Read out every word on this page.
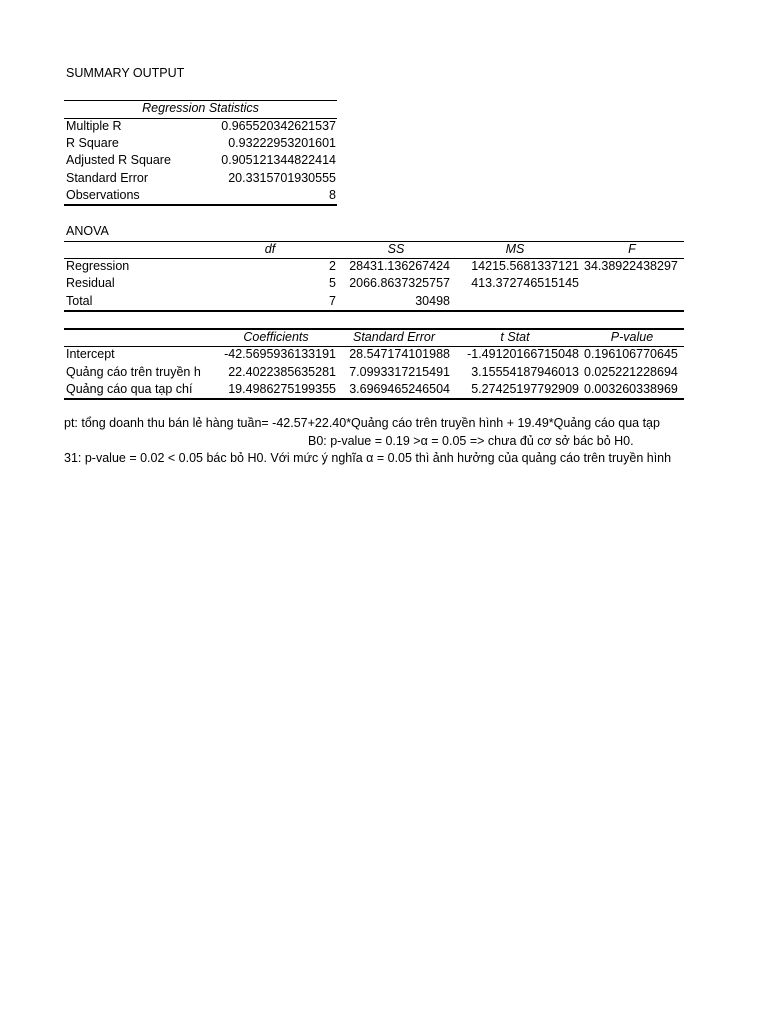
SUMMARY OUTPUT
Regression Statistics
Multiple R	0.965520342621537
R Square	0.93222953201601
Adjusted R Square	0.905121344822414
Standard Error	20.3315701930555
Observations	8
ANOVA
df	SS	MS	F
Regression	2	28431.136267424	14215.5681337121 34.38922438297
Residual	5	2066.8637325757	413.372746515145
Total	7	30498
Coefficients	Standard Error	t Stat	P-value
Intercept	-42.5695936133191	28.547174101988	-1.49120166715048 0.196106770645
Quảng cáo trên truyền h	22.4022385635281	7.0993317215491	3.15554187946013 0.025221228694
Quảng cáo qua tạp chí	19.4986275199355	3.6969465246504	5.27425197792909 0.003260338969
pt: tổng doanh thu bán lẻ hàng tuần= -42.57+22.40*Quảng cáo trên truyền hình + 19.49*Quảng cáo qua tạp
B0: p-value = 0.19 >α = 0.05 => chưa đủ cơ sở bác bỏ H0.
31: p-value = 0.02 < 0.05 bác bỏ H0. Với mức ý nghĩa α = 0.05 thì ảnh hưởng của quảng cáo trên truyền hình
